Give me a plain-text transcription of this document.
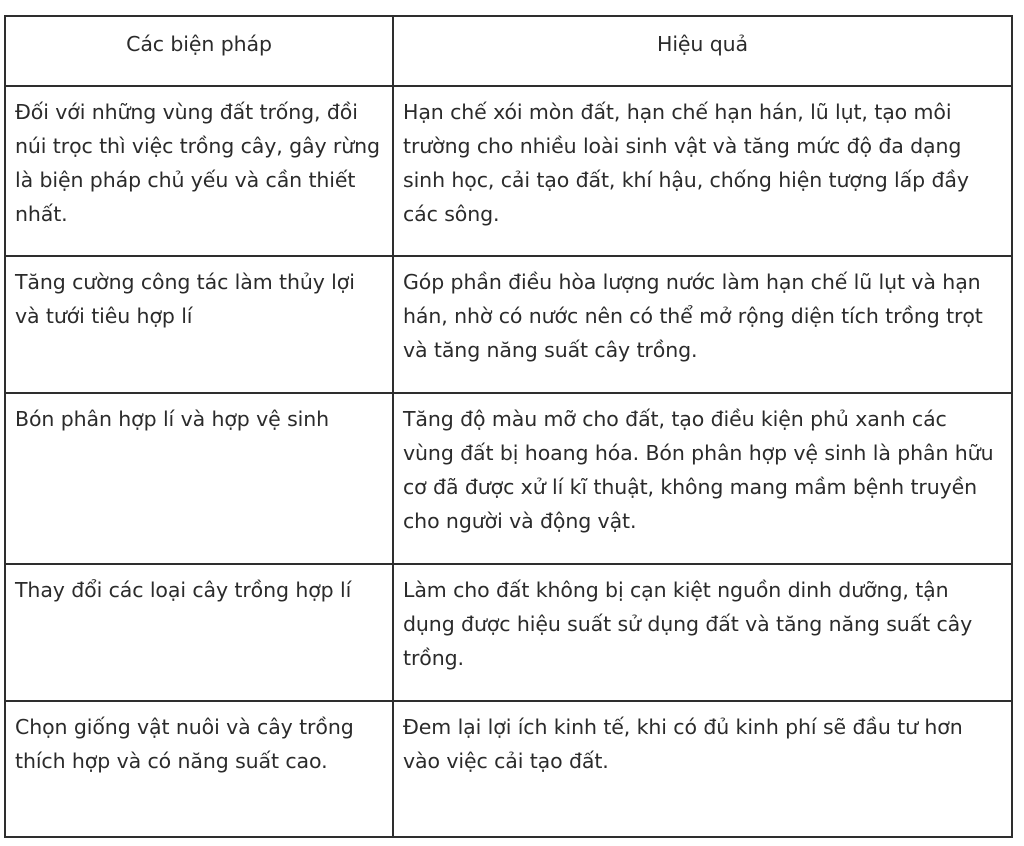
Các biện pháp	Hiệu quả
Đối với những vùng đất trống, đồi núi trọc thì việc trồng cây, gây rừng là biện pháp chủ yếu và cần thiết nhất.	Hạn chế xói mòn đất, hạn chế hạn hán, lũ lụt, tạo môi trường cho nhiều loài sinh vật và tăng mức độ đa dạng sinh học, cải tạo đất, khí hậu, chống hiện tượng lấp đầy các sông.
Tăng cường công tác làm thủy lợi và tưới tiêu hợp lí	Góp phần điều hòa lượng nước làm hạn chế lũ lụt và hạn hán, nhờ có nước nên có thể mở rộng diện tích trồng trọt và tăng năng suất cây trồng.
Bón phân hợp lí và hợp vệ sinh	Tăng độ màu mỡ cho đất, tạo điều kiện phủ xanh các vùng đất bị hoang hóa. Bón phân hợp vệ sinh là phân hữu cơ đã được xử lí kĩ thuật, không mang mầm bệnh truyền cho người và động vật.
Thay đổi các loại cây trồng hợp lí	Làm cho đất không bị cạn kiệt nguồn dinh dưỡng, tận dụng được hiệu suất sử dụng đất và tăng năng suất cây trồng.
Chọn giống vật nuôi và cây trồng thích hợp và có năng suất cao.	Đem lại lợi ích kinh tế, khi có đủ kinh phí sẽ đầu tư hơn vào việc cải tạo đất.
